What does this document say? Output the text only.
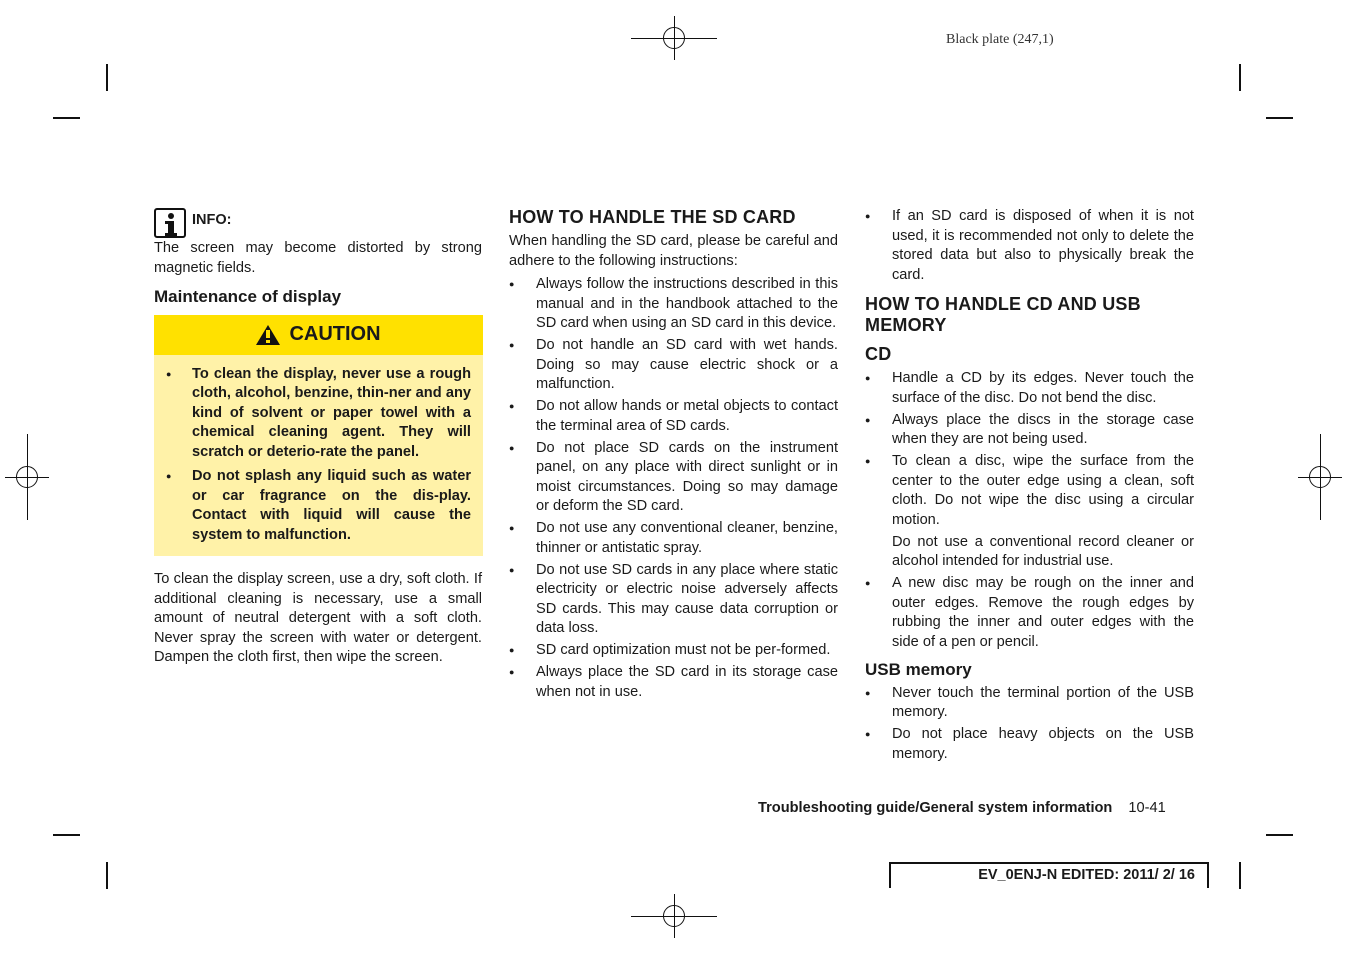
Black plate (247,1)
INFO:
The screen may become distorted by strong magnetic fields.
Maintenance of display
CAUTION
● To clean the display, never use a rough cloth, alcohol, benzine, thin-ner and any kind of solvent or paper towel with a chemical cleaning agent. They will scratch or deterio-rate the panel.
● Do not splash any liquid such as water or car fragrance on the dis-play. Contact with liquid will cause the system to malfunction.
To clean the display screen, use a dry, soft cloth. If additional cleaning is necessary, use a small amount of neutral detergent with a soft cloth. Never spray the screen with water or detergent. Dampen the cloth first, then wipe the screen.
HOW TO HANDLE THE SD CARD
When handling the SD card, please be careful and adhere to the following instructions:
● Always follow the instructions described in this manual and in the handbook attached to the SD card when using an SD card in this device.
● Do not handle an SD card with wet hands. Doing so may cause electric shock or a malfunction.
● Do not allow hands or metal objects to contact the terminal area of SD cards.
● Do not place SD cards on the instrument panel, on any place with direct sunlight or in moist circumstances. Doing so may damage or deform the SD card.
● Do not use any conventional cleaner, benzine, thinner or antistatic spray.
● Do not use SD cards in any place where static electricity or electric noise adversely affects SD cards. This may cause data corruption or data loss.
● SD card optimization must not be per-formed.
● Always place the SD card in its storage case when not in use.
● If an SD card is disposed of when it is not used, it is recommended not only to delete the stored data but also to physically break the card.
HOW TO HANDLE CD AND USB MEMORY
CD
● Handle a CD by its edges. Never touch the surface of the disc. Do not bend the disc.
● Always place the discs in the storage case when they are not being used.
● To clean a disc, wipe the surface from the center to the outer edge using a clean, soft cloth. Do not wipe the disc using a circular motion.
Do not use a conventional record cleaner or alcohol intended for industrial use.
● A new disc may be rough on the inner and outer edges. Remove the rough edges by rubbing the inner and outer edges with the side of a pen or pencil.
USB memory
● Never touch the terminal portion of the USB memory.
● Do not place heavy objects on the USB memory.
Troubleshooting guide/General system information 10-41
EV_0ENJ-N EDITED: 2011/ 2/ 16
